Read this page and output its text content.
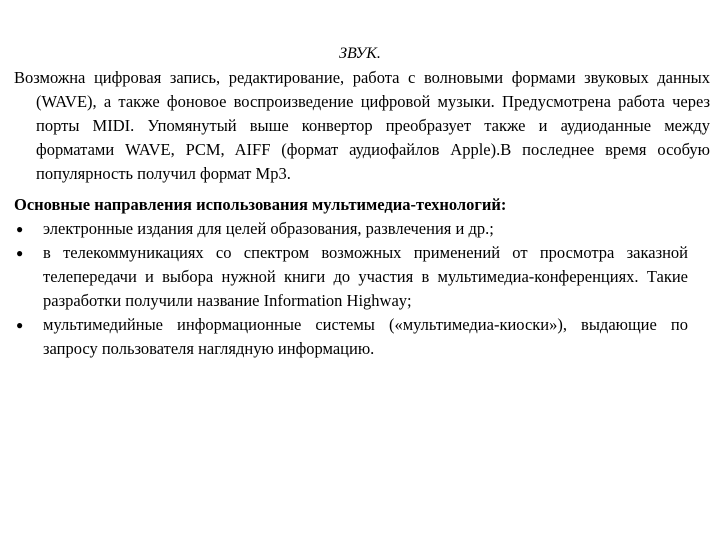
ЗВУК.
Возможна цифровая запись, редактирование, работа с волновыми формами звуковых данных (WAVE), а также фоновое воспроизведение цифровой музыки. Предусмотрена работа через порты MIDI. Упомянутый выше конвертор преобразует также и аудиоданные между форматами WAVE, PCM, AIFF (формат аудиофайлов Apple).В последнее время особую популярность получил формат Mp3.
Основные направления использования мультимедиа-технологий:
● электронные издания для целей образования, развлечения и др.;
● в телекоммуникациях со спектром возможных применений от просмотра заказной телепередачи и выбора нужной книги до участия в мультимедиа-конференциях. Такие разработки получили название Information Highway;
● мультимедийные информационные системы («мультимедиа-киоски»), выдающие по запросу пользователя наглядную информацию.
